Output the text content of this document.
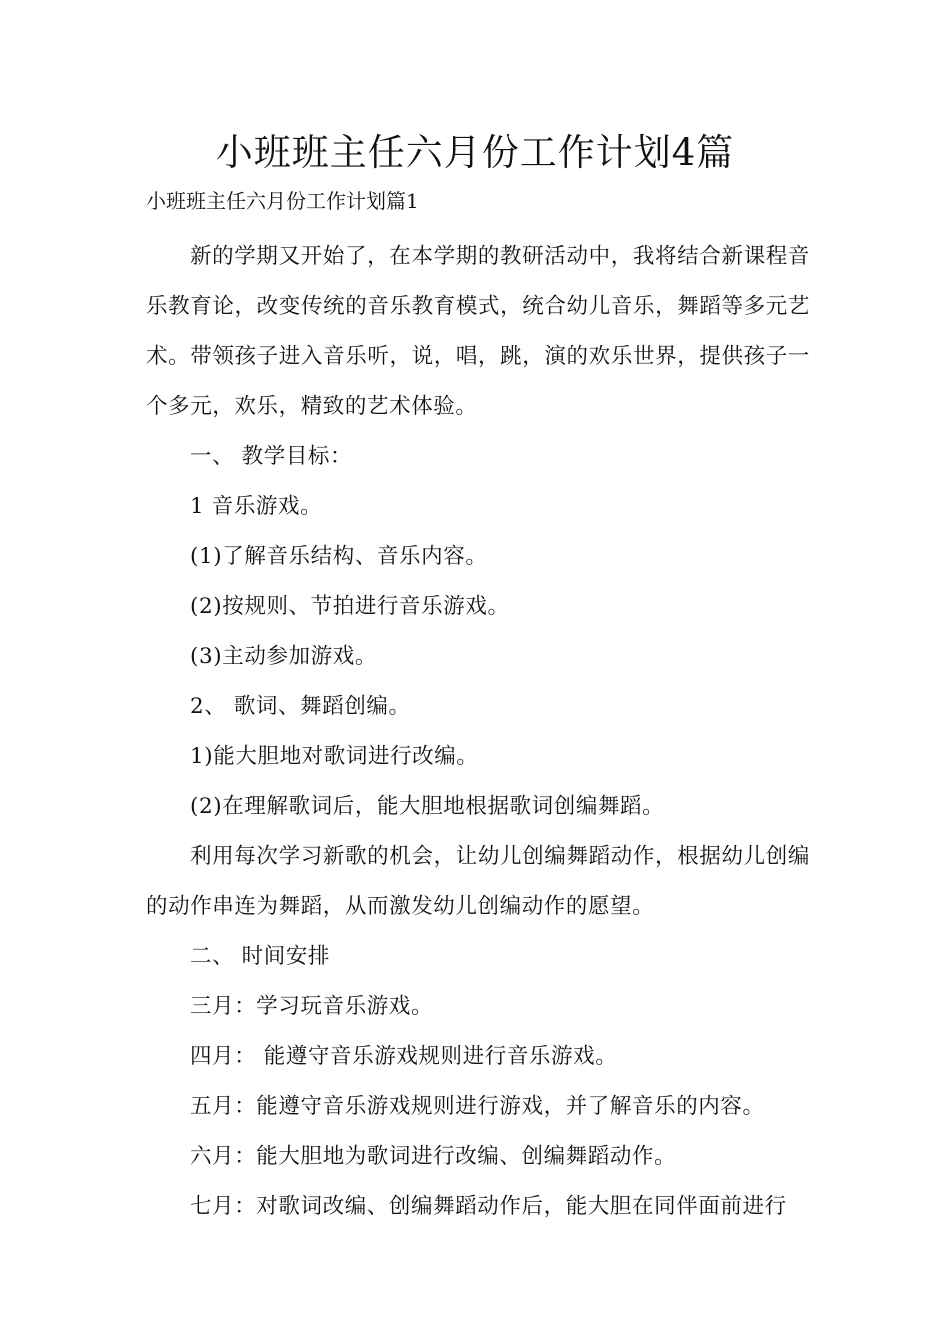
小班班主任六月份工作计划4篇

小班班主任六月份工作计划篇1

新的学期又开始了，在本学期的教研活动中，我将结合新课程音乐教育论，改变传统的音乐教育模式，统合幼儿音乐，舞蹈等多元艺术。带领孩子进入音乐听，说，唱，跳，演的欢乐世界，提供孩子一个多元，欢乐，精致的艺术体验。

一、 教学目标：

1 音乐游戏。

(1)了解音乐结构、音乐内容。

(2)按规则、节拍进行音乐游戏。

(3)主动参加游戏。

2、 歌词、舞蹈创编。

1)能大胆地对歌词进行改编。

(2)在理解歌词后，能大胆地根据歌词创编舞蹈。

利用每次学习新歌的机会，让幼儿创编舞蹈动作，根据幼儿创编的动作串连为舞蹈，从而激发幼儿创编动作的愿望。

二、 时间安排

三月：学习玩音乐游戏。

四月： 能遵守音乐游戏规则进行音乐游戏。

五月：能遵守音乐游戏规则进行游戏，并了解音乐的内容。

六月：能大胆地为歌词进行改编、创编舞蹈动作。

七月：对歌词改编、创编舞蹈动作后，能大胆在同伴面前进行
